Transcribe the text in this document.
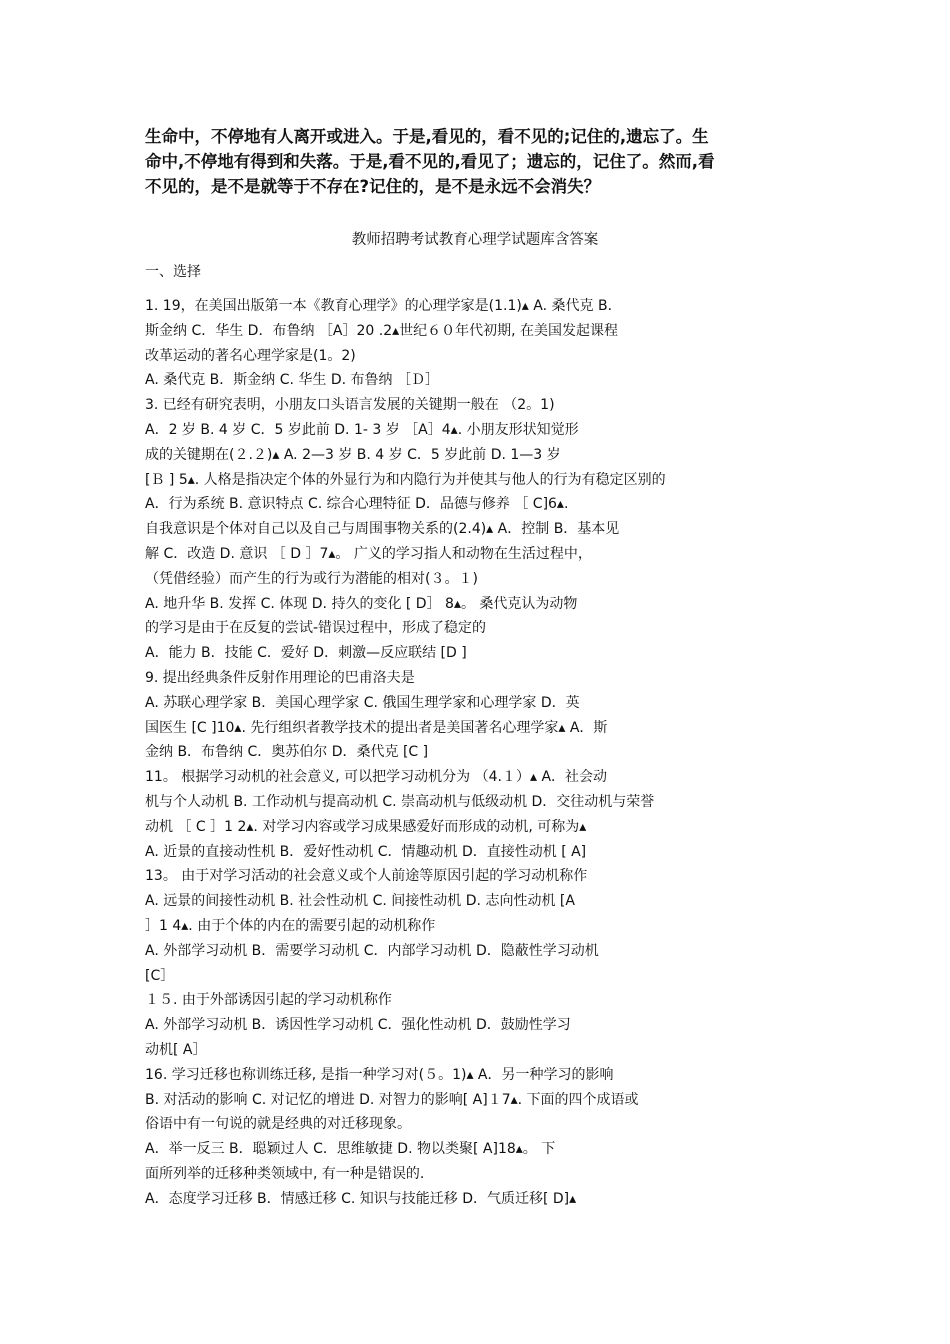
生命中，不停地有人离开或进入。于是,看见的，看不见的;记住的,遗忘了。生
命中,不停地有得到和失落。于是,看不见的,看见了；遗忘的，记住了。然而,看
不见的，是不是就等于不存在?记住的，是不是永远不会消失？
教师招聘考试教育心理学试题库含答案
一、选择
1. 19，在美国出版第一本《教育心理学》的心理学家是(1.1)▴ A. 桑代克 B．
斯金纳 C．华生 D．布鲁纳 ［A］20 .2▴世纪６０年代初期, 在美国发起课程
改革运动的著名心理学家是(1。2)
A. 桑代克 B．斯金纳 C. 华生 D. 布鲁纳 ［Ｄ］
3. 已经有研究表明，小朋友口头语言发展的关键期一般在 （2。1)
A．2 岁 B. 4 岁 C．5 岁此前 D. 1- 3 岁 ［A］4▴. 小朋友形状知觉形
成的关键期在(２.２)▴ A. 2—3 岁 B. 4 岁 C．5 岁此前 D. 1—3 岁
[Ｂ ] 5▴. 人格是指决定个体的外显行为和内隐行为并使其与他人的行为有稳定区别的
A．行为系统 B. 意识特点 C. 综合心理特征 D．品德与修养 ［ C]6▴.
自我意识是个体对自己以及自己与周围事物关系的(2.4)▴ A．控制 B．基本见
解 C．改造 D. 意识 ［ D ］7▴。 广义的学习指人和动物在生活过程中，
（凭借经验）而产生的行为或行为潜能的相对(３。１)
A. 地升华 B. 发挥 C. 体现 D. 持久的变化 [ D］ 8▴。 桑代克认为动物
的学习是由于在反复的尝试-错误过程中，形成了稳定的
A．能力 B．技能 C．爱好 D．刺激—反应联结 [D ]
9. 提出经典条件反射作用理论的巴甫洛夫是
A. 苏联心理学家 B．美国心理学家 C. 俄国生理学家和心理学家 D．英
国医生 [C ]10▴. 先行组织者教学技术的提出者是美国著名心理学家▴ A．斯
金纳 B．布鲁纳 C．奥苏伯尔 D．桑代克 [C ]
11。 根据学习动机的社会意义, 可以把学习动机分为 （4.１）▴ A．社会动
机与个人动机 B. 工作动机与提高动机 C. 崇高动机与低级动机 D．交往动机与荣誉
动机 ［ C ］1 2▴. 对学习内容或学习成果感爱好而形成的动机, 可称为▴
A. 近景的直接动性机 B．爱好性动机 C．情趣动机 D．直接性动机 [ A]
13。 由于对学习活动的社会意义或个人前途等原因引起的学习动机称作
A. 远景的间接性动机 B. 社会性动机 C. 间接性动机 D. 志向性动机 [A
］1 4▴. 由于个体的内在的需要引起的动机称作
A. 外部学习动机 B．需要学习动机 C．内部学习动机 D．隐蔽性学习动机
[C］
１５. 由于外部诱因引起的学习动机称作
A. 外部学习动机 B．诱因性学习动机 C．强化性动机 D．鼓励性学习
动机[ A］
16. 学习迁移也称训练迁移, 是指一种学习对(５。1)▴ A．另一种学习的影响
B. 对活动的影响 C. 对记忆的增进 D. 对智力的影响[ A]１7▴. 下面的四个成语或
俗语中有一句说的就是经典的对迁移现象。
A．举一反三 B．聪颖过人 C．思维敏捷 D. 物以类聚[ A]18▴。 下
面所列举的迁移种类领域中, 有一种是错误的.
A．态度学习迁移 B．情感迁移 C. 知识与技能迁移 D．气质迁移[ D]▴
